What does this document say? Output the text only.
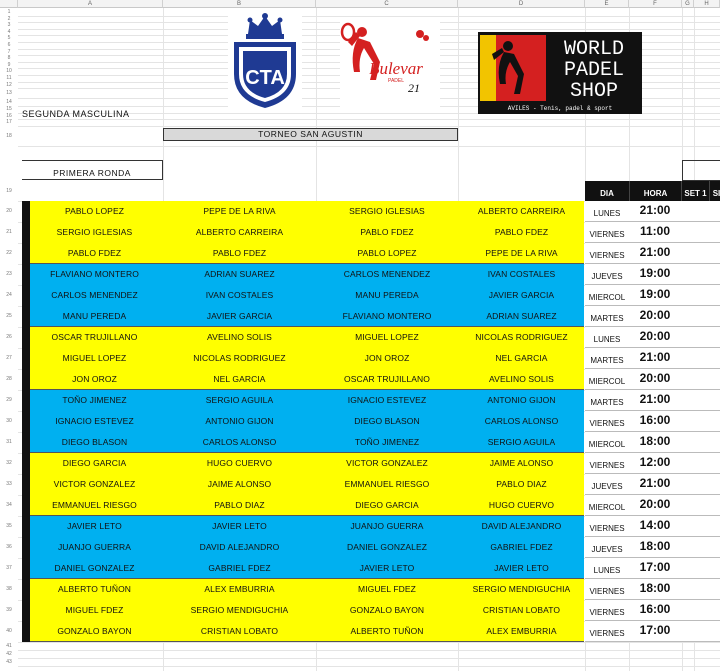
A	B	C	D	E	F	G	H
1
2
3
4
5
6
7
8
9
10
11
12
13
14
15
16
17
18
19
20
21
22
23
24
25
26
27
28
29
30
31
32
33
34
35
36
37
38
39
40
41
42
43
CTA	Bulevar
PADEL 21
WORLD
PADEL
SHOP
AVILES - Tenis, padel & sport
SEGUNDA MASCULINA
TORNEO SAN AGUSTIN
PRIMERA RONDA
DIA	HORA	SET 1 SI
PABLO LOPEZ	PEPE DE LA RIVA	SERGIO IGLESIAS	ALBERTO CARREIRA	LUNES	21:00
SERGIO IGLESIAS	ALBERTO CARREIRA	PABLO FDEZ	PABLO FDEZ	VIERNES	11:00
PABLO FDEZ	PABLO FDEZ	PABLO LOPEZ	PEPE DE LA RIVA	VIERNES	21:00
FLAVIANO MONTERO	ADRIAN SUAREZ	CARLOS MENENDEZ	IVAN COSTALES	JUEVES	19:00
CARLOS MENENDEZ	IVAN COSTALES	MANU PEREDA	JAVIER GARCIA	MIERCOL	19:00
MANU PEREDA	JAVIER GARCIA	FLAVIANO MONTERO	ADRIAN SUAREZ	MARTES	20:00
OSCAR TRUJILLANO	AVELINO SOLIS	MIGUEL LOPEZ	NICOLAS RODRIGUEZ	LUNES	20:00
MIGUEL LOPEZ	NICOLAS RODRIGUEZ	JON OROZ	NEL GARCIA	MARTES	21:00
JON OROZ	NEL GARCIA	OSCAR TRUJILLANO	AVELINO SOLIS	MIERCOL	20:00
TOÑO JIMENEZ	SERGIO AGUILA	IGNACIO ESTEVEZ	ANTONIO GIJON	MARTES	21:00
IGNACIO ESTEVEZ	ANTONIO GIJON	DIEGO BLASON	CARLOS ALONSO	VIERNES	16:00
DIEGO BLASON	CARLOS ALONSO	TOÑO JIMENEZ	SERGIO AGUILA	MIERCOL	18:00
DIEGO GARCIA	HUGO CUERVO	VICTOR GONZALEZ	JAIME ALONSO	VIERNES	12:00
VICTOR GONZALEZ	JAIME ALONSO	EMMANUEL RIESGO	PABLO DIAZ	JUEVES	21:00
EMMANUEL RIESGO	PABLO DIAZ	DIEGO GARCIA	HUGO CUERVO	MIERCOL	20:00
JAVIER LETO	JAVIER LETO	JUANJO GUERRA	DAVID ALEJANDRO	VIERNES	14:00
JUANJO GUERRA	DAVID ALEJANDRO	DANIEL GONZALEZ	GABRIEL FDEZ	JUEVES	18:00
DANIEL GONZALEZ	GABRIEL FDEZ	JAVIER LETO	JAVIER LETO	LUNES	17:00
ALBERTO TUÑON	ALEX EMBURRIA	MIGUEL FDEZ	SERGIO MENDIGUCHIA	VIERNES	18:00
MIGUEL FDEZ	SERGIO MENDIGUCHIA	GONZALO BAYON	CRISTIAN LOBATO	VIERNES	16:00
GONZALO BAYON	CRISTIAN LOBATO	ALBERTO TUÑON	ALEX EMBURRIA	VIERNES	17:00
